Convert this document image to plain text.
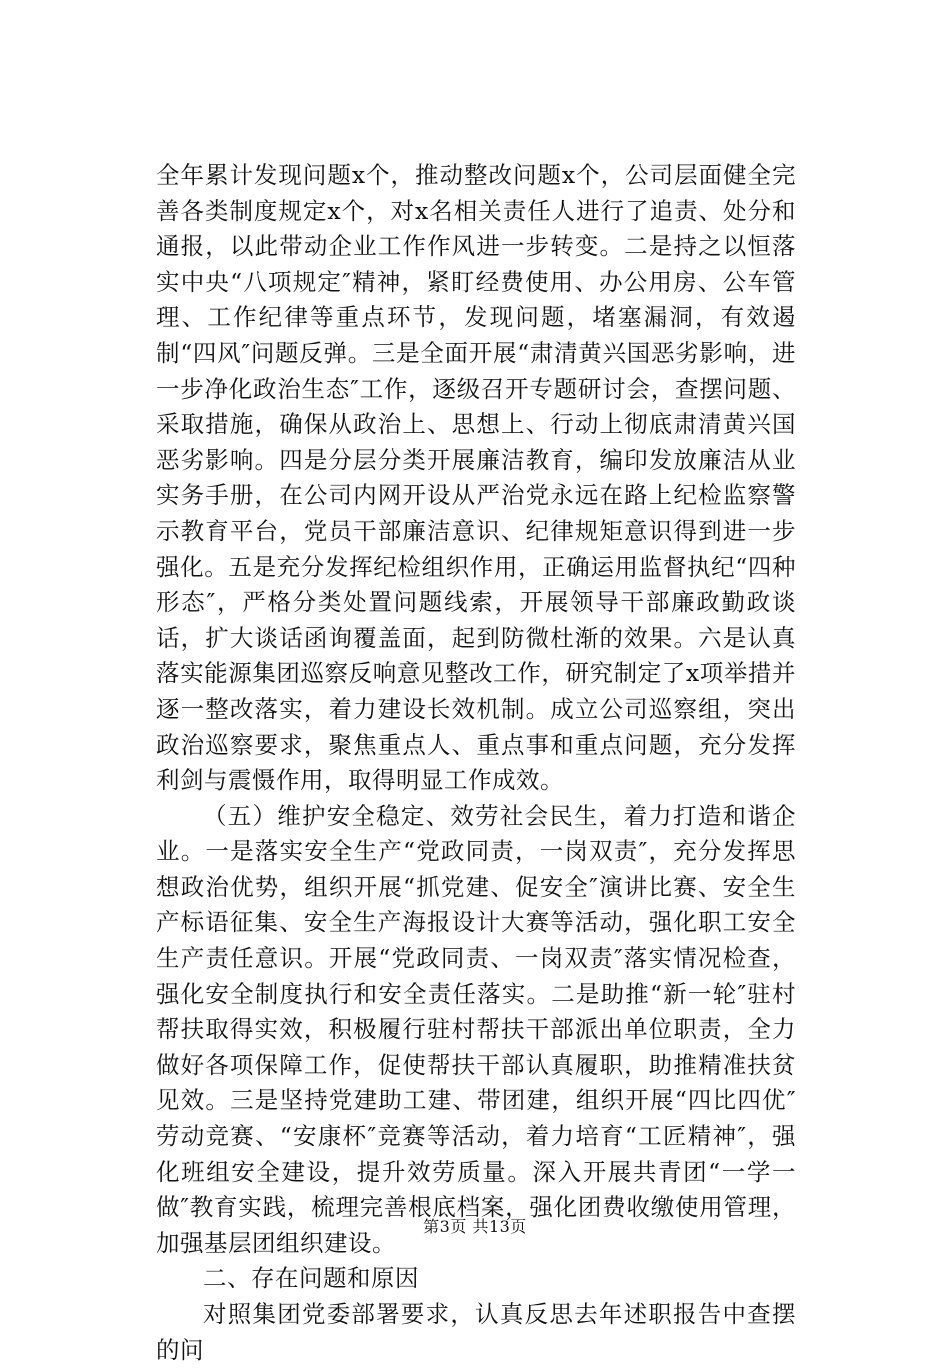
全年累计发现问题x个，推动整改问题x个，公司层面健全完善各类制度规定x个，对x名相关责任人进行了追责、处分和通报，以此带动企业工作作风进一步转变。二是持之以恒落实中央“八项规定″精神，紧盯经费使用、办公用房、公车管理、工作纪律等重点环节，发现问题，堵塞漏洞，有效遏制“四风″问题反弹。三是全面开展“肃清黄兴国恶劣影响，进一步净化政治生态″工作，逐级召开专题研讨会，查摆问题、采取措施，确保从政治上、思想上、行动上彻底肃清黄兴国恶劣影响。四是分层分类开展廉洁教育，编印发放廉洁从业实务手册，在公司内网开设从严治党永远在路上纪检监察警示教育平台，党员干部廉洁意识、纪律规矩意识得到进一步强化。五是充分发挥纪检组织作用，正确运用监督执纪“四种形态″，严格分类处置问题线索，开展领导干部廉政勤政谈话，扩大谈话函询覆盖面，起到防微杜渐的效果。六是认真落实能源集团巡察反响意见整改工作，研究制定了x项举措并逐一整改落实，着力建设长效机制。成立公司巡察组，突出政治巡察要求，聚焦重点人、重点事和重点问题，充分发挥利剑与震慑作用，取得明显工作成效。

（五）维护安全稳定、效劳社会民生，着力打造和谐企业。一是落实安全生产“党政同责，一岗双责″，充分发挥思想政治优势，组织开展“抓党建、促安全″演讲比赛、安全生产标语征集、安全生产海报设计大赛等活动，强化职工安全生产责任意识。开展“党政同责、一岗双责″落实情况检查，强化安全制度执行和安全责任落实。二是助推“新一轮″驻村帮扶取得实效，积极履行驻村帮扶干部派出单位职责，全力做好各项保障工作，促使帮扶干部认真履职，助推精准扶贫见效。三是坚持党建助工建、带团建，组织开展“四比四优″劳动竞赛、“安康杯″竞赛等活动，着力培育“工匠精神″，强化班组安全建设，提升效劳质量。深入开展共青团“一学一做″教育实践，梳理完善根底档案，强化团费收缴使用管理，加强基层团组织建设。

二、存在问题和原因

对照集团党委部署要求，认真反思去年述职报告中查摆的问

第3页 共13页
